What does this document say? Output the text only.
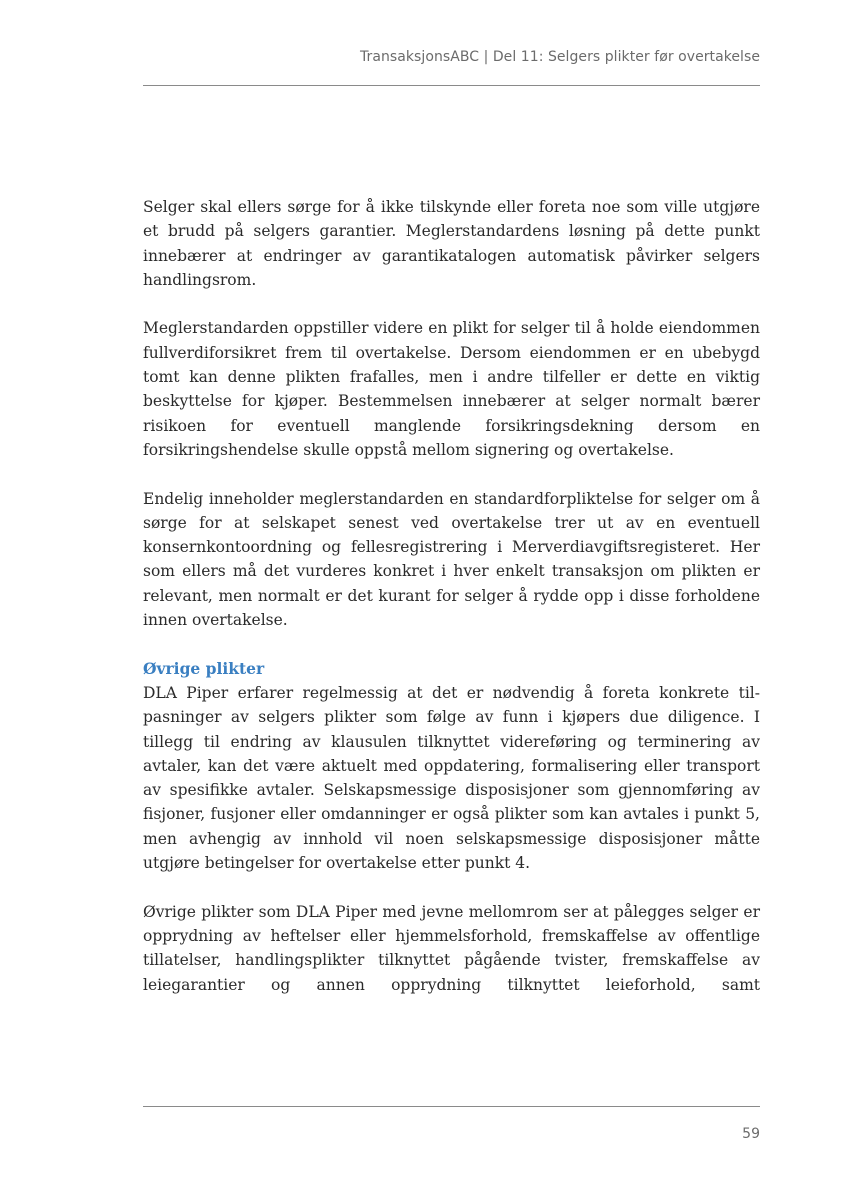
TransaksjonsABC | Del 11: Selgers plikter før overtakelse

Selger skal ellers sørge for å ikke tilskynde eller foreta noe som ville utgjøre et brudd på selgers garantier. Meglerstandardens løsning på dette punkt innebærer at endringer av garantikatalogen automatisk påvirker selgers handlingsrom.

Meglerstandarden oppstiller videre en plikt for selger til å holde eiendommen fullverdiforsikret frem til overtakelse. Dersom eiendommen er en ubebygd tomt kan denne plikten frafalles, men i andre tilfeller er dette en viktig beskyttelse for kjøper. Bestemmelsen innebærer at selger normalt bærer risikoen for eventuell manglende forsikringsdekning dersom en forsikringshendelse skulle oppstå mellom signering og overtakelse.

Endelig inneholder meglerstandarden en standardforpliktelse for selger om å sørge for at selskapet senest ved overtakelse trer ut av en eventuell konsernkontoordning og fellesregistrering i Merverdiavgiftsregisteret. Her som ellers må det vurderes konkret i hver enkelt transaksjon om plikten er relevant, men normalt er det kurant for selger å rydde opp i disse forholdene innen overtakelse.

Øvrige plikter

DLA Piper erfarer regelmessig at det er nødvendig å foreta konkrete tilpasninger av selgers plikter som følge av funn i kjøpers due diligence. I tillegg til endring av klausulen tilknyttet videreføring og terminering av avtaler, kan det være aktuelt med oppdatering, formalisering eller transport av spesifikke avtaler. Selskapsmessige disposisjoner som gjennomføring av fisjoner, fusjoner eller omdanninger er også plikter som kan avtales i punkt 5, men avhengig av innhold vil noen selskapsmessige disposisjoner måtte utgjøre betingelser for overtakelse etter punkt 4.

Øvrige plikter som DLA Piper med jevne mellomrom ser at pålegges selger er opprydning av heftelser eller hjemmelsforhold, fremskaffelse av offentlige tillatelser, handlingsplikter tilknyttet pågående tvister, fremskaffelse av leiegarantier og annen opprydning tilknyttet leieforhold, samt

59
